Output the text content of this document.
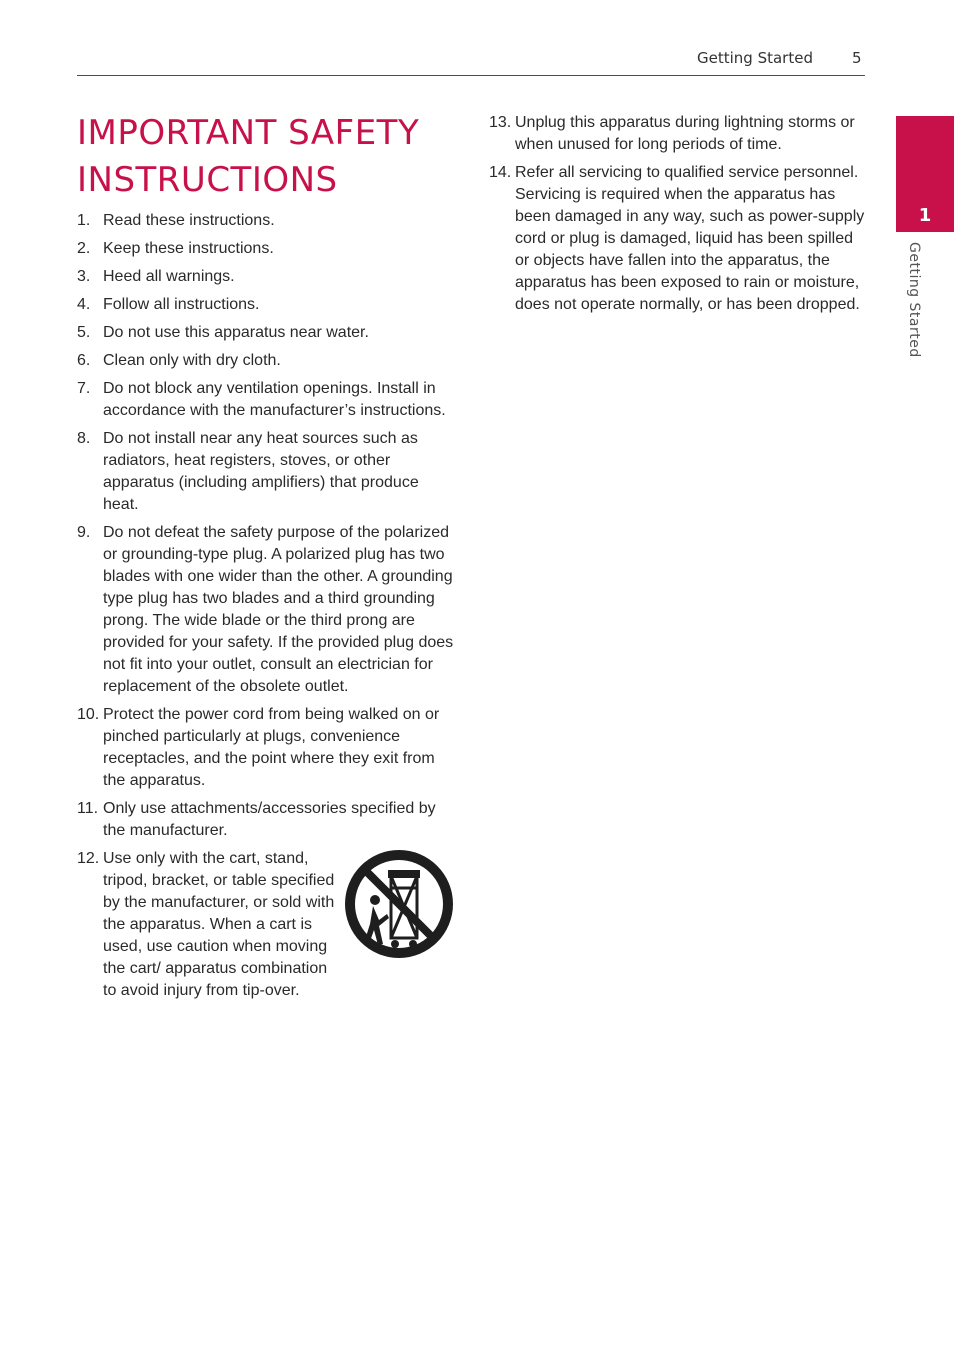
Getting Started	5
IMPORTANT SAFETY INSTRUCTIONS
1. Read these instructions.
2. Keep these instructions.
3. Heed all warnings.
4. Follow all instructions.
5. Do not use this apparatus near water.
6. Clean only with dry cloth.
7. Do not block any ventilation openings. Install in accordance with the manufacturer’s instructions.
8. Do not install near any heat sources such as radiators, heat registers, stoves, or other apparatus (including amplifiers) that produce heat.
9. Do not defeat the safety purpose of the polarized or grounding-type plug. A polarized plug has two blades with one wider than the other. A grounding type plug has two blades and a third grounding prong. The wide blade or the third prong are provided for your safety. If the provided plug does not fit into your outlet, consult an electrician for replacement of the obsolete outlet.
10. Protect the power cord from being walked on or pinched particularly at plugs, convenience receptacles, and the point where they exit from the apparatus.
11. Only use attachments/accessories specified by the manufacturer.
12. Use only with the cart, stand, tripod, bracket, or table specified by the manufacturer, or sold with the apparatus. When a cart is used, use caution when moving the cart/ apparatus combination to avoid injury from tip-over.
13. Unplug this apparatus during lightning storms or when unused for long periods of time.
14. Refer all servicing to qualified service personnel. Servicing is required when the apparatus has been damaged in any way, such as power-supply cord or plug is damaged, liquid has been spilled or objects have fallen into the apparatus, the apparatus has been exposed to rain or moisture, does not operate normally, or has been dropped.
1
Getting Started
